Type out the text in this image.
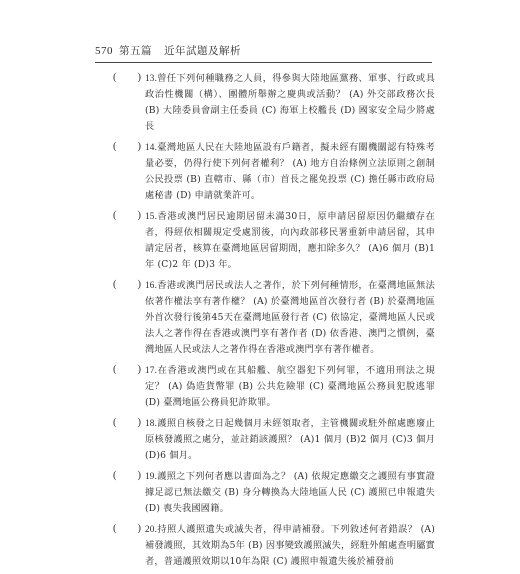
570 第五篇 近年試題及解析
( ) 13.曾任下列何種職務之人員，得參與大陸地區黨務、軍事、行政或具政治性機關（構）、團體所舉辦之慶典或活動？ (A) 外交部政務次長 (B) 大陸委員會副主任委員 (C) 海軍上校艦長 (D) 國家安全局少將處長
( ) 14.臺灣地區人民在大陸地區設有戶籍者，擬未經有關機關認有特殊考量必要，仍得行使下列何者權利？ (A) 地方自治條例立法原則之創制公民投票 (B) 直轄市、縣（市）首長之罷免投票 (C) 擔任縣市政府局處秘書 (D) 申請就業許可。
( ) 15.香港或澳門居民逾期居留未滿30日，原申請居留原因仍繼續存在者，得經依相關規定受處罰後，向內政部移民署重新申請居留，其申請定居者，核算在臺灣地區居留期間，應扣除多久？ (A)6 個月 (B)1 年 (C)2 年 (D)3 年。
( ) 16.香港或澳門居民或法人之著作，於下列何種情形，在臺灣地區無法依著作權法享有著作權？ (A) 於臺灣地區首次發行者 (B) 於臺灣地區外首次發行後第45天在臺灣地區發行者 (C) 依協定，臺灣地區人民或法人之著作得在香港或澳門享有著作者 (D) 依香港、澳門之慣例，臺灣地區人民或法人之著作得在香港或澳門享有著作權者。
( ) 17.在香港或澳門或在其船艦、航空器犯下列何罪，不適用刑法之規定？ (A) 偽造貨幣罪 (B) 公共危險罪 (C) 臺灣地區公務員犯脫逃罪 (D) 臺灣地區公務員犯詐欺罪。
( ) 18.護照自核發之日起幾個月未經領取者，主管機關或駐外館處應廢止原核發護照之處分，並註銷該護照？ (A)1 個月 (B)2 個月 (C)3 個月 (D)6 個月。
( ) 19.護照之下列何者應以書面為之？ (A) 依規定應繳交之護照有事實證據足認已無法繳交 (B) 身分轉換為大陸地區人民 (C) 護照已申報遺失 (D) 喪失我國國籍。
( ) 20.持照人護照遺失或滅失者，得申請補發。下列敘述何者錯誤？ (A) 補發護照，其效期為5年 (B) 因事變致護照滅失，經駐外館處查明屬實者，普通護照效期以10年為限 (C) 護照申報遺失後於補發前
